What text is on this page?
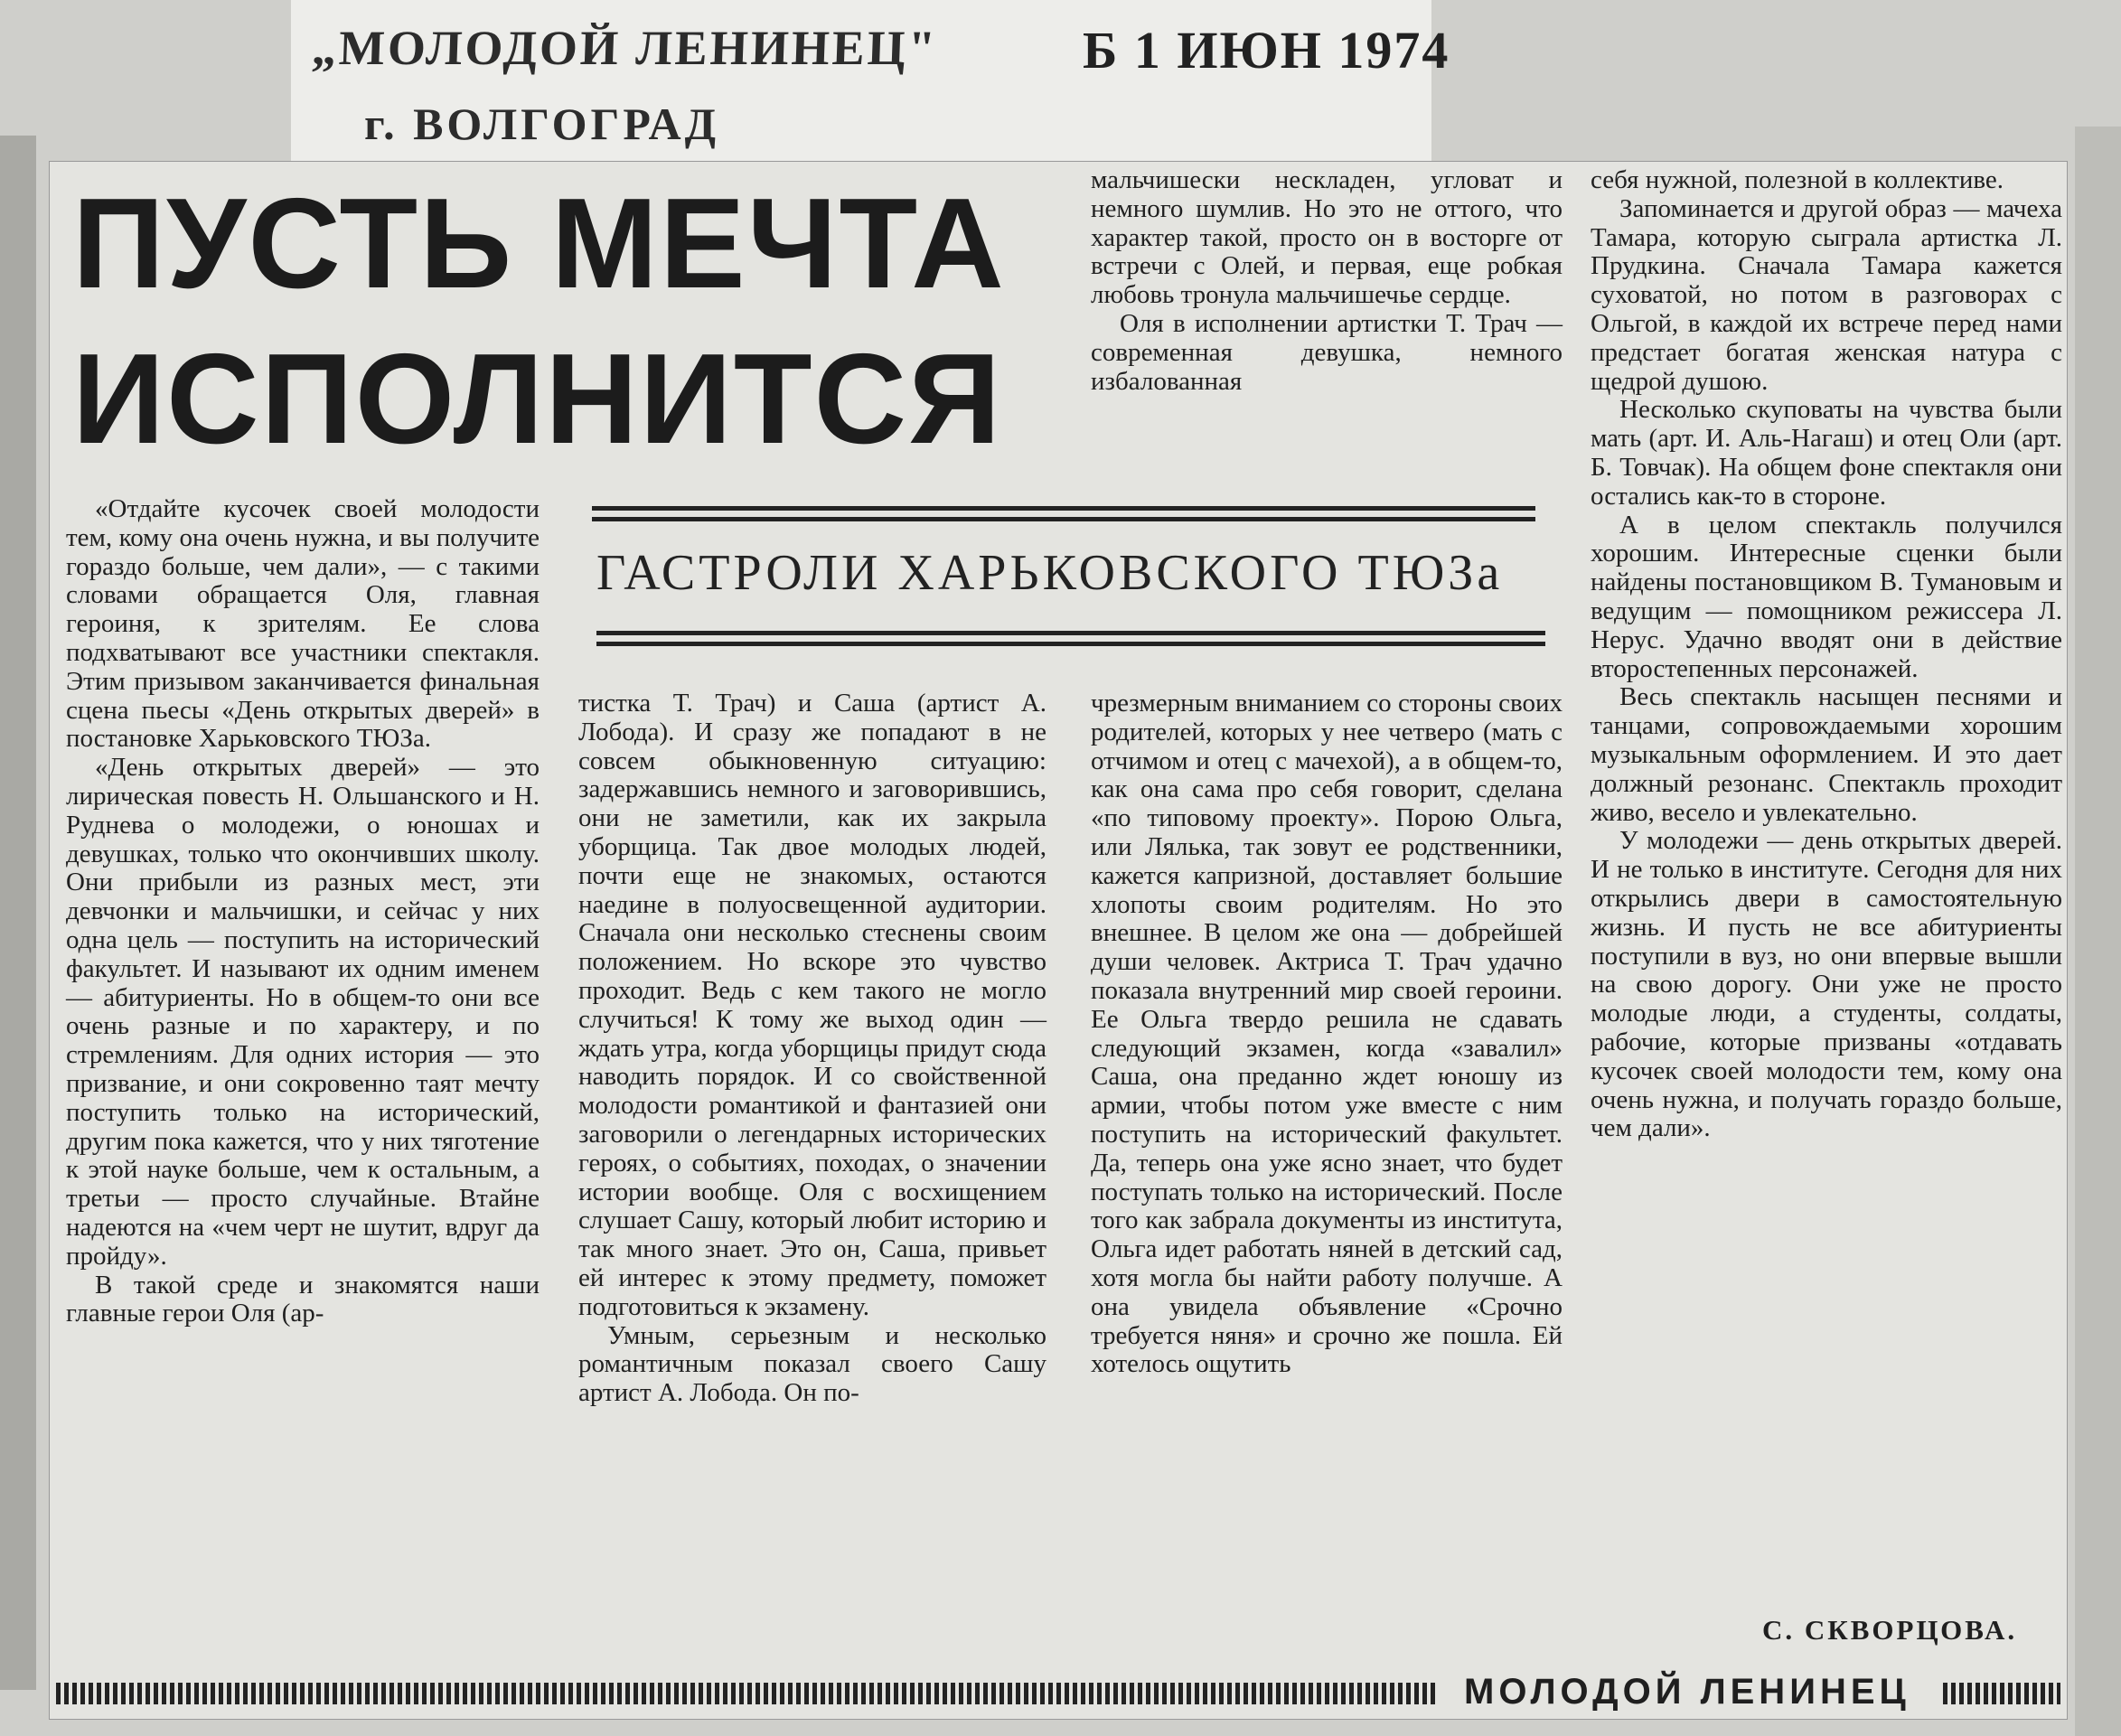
„МОЛОДОЙ ЛЕНИНЕЦ"
г. ВОЛГОГРАД
Б 1 ИЮН 1974
ПУСТЬ МЕЧТА
ИСПОЛНИТСЯ
ГАСТРОЛИ ХАРЬКОВСКОГО ТЮЗа

«Отдайте кусочек своей молодости тем, кому она очень нужна, и вы получите гораздо больше, чем дали», — с такими словами обращается Оля, главная героиня, к зрителям. Ее слова подхватывают все участники спектакля. Этим призывом заканчивается финальная сцена пьесы «День открытых дверей» в постановке Харьковского ТЮЗа.

«День открытых дверей» — это лирическая повесть Н. Ольшанского и Н. Руднева о молодежи, о юношах и девушках, только что окончивших школу. Они прибыли из разных мест, эти девчонки и мальчишки, и сейчас у них одна цель — поступить на исторический факультет. И называют их одним именем — абитуриенты. Но в общем-то они все очень разные и по характеру, и по стремлениям. Для одних история — это призвание, и они сокровенно таят мечту поступить только на исторический, другим пока кажется, что у них тяготение к этой науке больше, чем к остальным, а третьи — просто случайные. Втайне надеются на «чем черт не шутит, вдруг да пройду».

В такой среде и знакомятся наши главные герои Оля (ар-

тистка Т. Трач) и Саша (артист А. Лобода). И сразу же попадают в не совсем обыкновенную ситуацию: задержавшись немного и заговорившись, они не заметили, как их закрыла уборщица. Так двое молодых людей, почти еще не знакомых, остаются наедине в полуосвещенной аудитории. Сначала они несколько стеснены своим положением. Но вскоре это чувство проходит. Ведь с кем такого не могло случиться! К тому же выход один — ждать утра, когда уборщицы придут сюда наводить порядок. И со свойственной молодости романтикой и фантазией они заговорили о легендарных исторических героях, о событиях, походах, о значении истории вообще. Оля с восхищением слушает Сашу, который любит историю и так много знает. Это он, Саша, привьет ей интерес к этому предмету, поможет подготовиться к экзамену.

Умным, серьезным и несколько романтичным показал своего Сашу артист А. Лобода. Он по-

мальчишески нескладен, угловат и немного шумлив. Но это не оттого, что характер такой, просто он в восторге от встречи с Олей, и первая, еще робкая любовь тронула мальчишечье сердце.

Оля в исполнении артистки Т. Трач — современная девушка, немного избалованная

чрезмерным вниманием со стороны своих родителей, которых у нее четверо (мать с отчимом и отец с мачехой), а в общем-то, как она сама про себя говорит, сделана «по типовому проекту». Порою Ольга, или Лялька, так зовут ее родственники, кажется капризной, доставляет большие хлопоты своим родителям. Но это внешнее. В целом же она — добрейшей души человек. Актриса Т. Трач удачно показала внутренний мир своей героини. Ее Ольга твердо решила не сдавать следующий экзамен, когда «завалил» Саша, она преданно ждет юношу из армии, чтобы потом уже вместе с ним поступить на исторический факультет. Да, теперь она уже ясно знает, что будет поступать только на исторический. После того как забрала документы из института, Ольга идет работать няней в детский сад, хотя могла бы найти работу получше. А она увидела объявление «Срочно требуется няня» и срочно же пошла. Ей хотелось ощутить

себя нужной, полезной в коллективе.

Запоминается и другой образ — мачеха Тамара, которую сыграла артистка Л. Прудкина. Сначала Тамара кажется суховатой, но потом в разговорах с Ольгой, в каждой их встрече перед нами предстает богатая женская натура с щедрой душою.

Несколько скуповаты на чувства были мать (арт. И. Аль-Нагаш) и отец Оли (арт. Б. Товчак). На общем фоне спектакля они остались как-то в стороне.

А в целом спектакль получился хорошим. Интересные сценки были найдены постановщиком В. Тумановым и ведущим — помощником режиссера Л. Нерус. Удачно вводят они в действие второстепенных персонажей.

Весь спектакль насыщен песнями и танцами, сопровождаемыми хорошим музыкальным оформлением. И это дает должный резонанс. Спектакль проходит живо, весело и увлекательно.

У молодежи — день открытых дверей. И не только в институте. Сегодня для них открылись двери в самостоятельную жизнь. И пусть не все абитуриенты поступили в вуз, но они впервые вышли на свою дорогу. Они уже не просто молодые люди, а студенты, солдаты, рабочие, которые призваны «отдавать кусочек своей молодости тем, кому она очень нужна, и получать гораздо больше, чем дали».

С. СКВОРЦОВА.

МОЛОДОЙ ЛЕНИНЕЦ
